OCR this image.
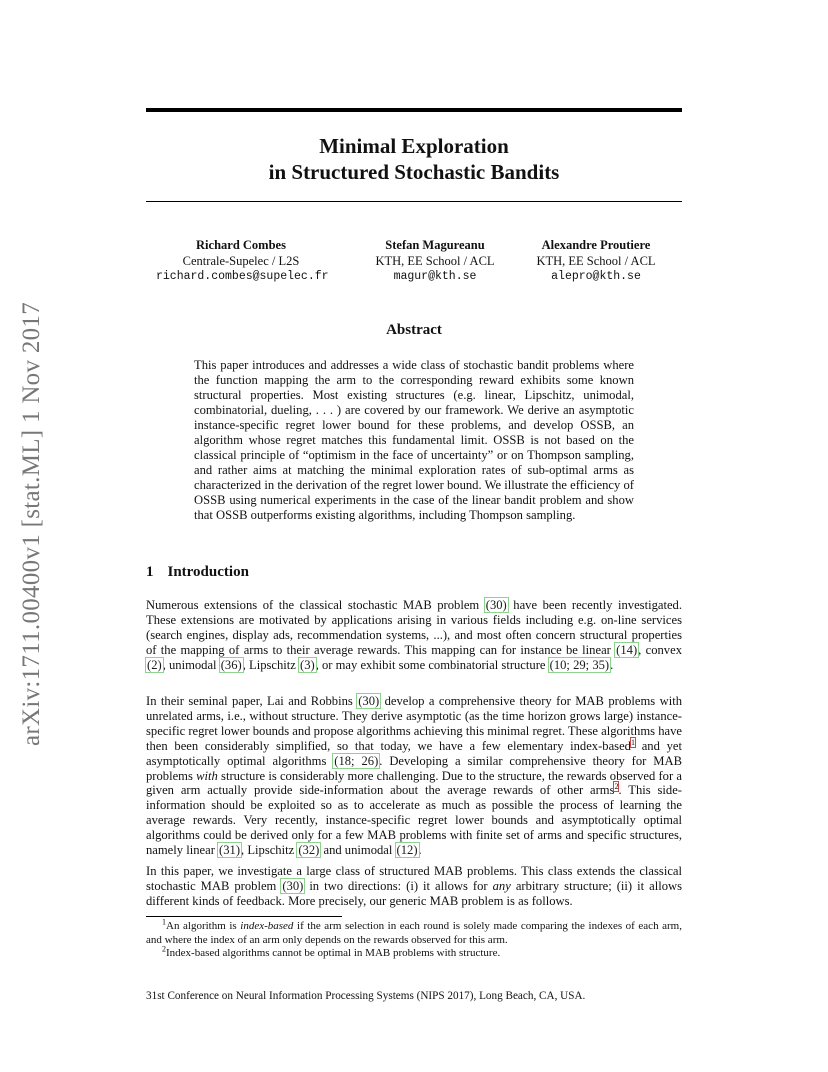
arXiv:1711.00400v1 [stat.ML] 1 Nov 2017
Minimal Exploration
in Structured Stochastic Bandits
Richard Combes
Centrale-Supelec / L2S
richard.combes@supelec.fr
Stefan Magureanu
KTH, EE School / ACL
magur@kth.se
Alexandre Proutiere
KTH, EE School / ACL
alepro@kth.se
Abstract
This paper introduces and addresses a wide class of stochastic bandit problems where the function mapping the arm to the corresponding reward exhibits some known structural properties. Most existing structures (e.g. linear, Lipschitz, unimodal, combinatorial, dueling, . . . ) are covered by our framework. We derive an asymptotic instance-specific regret lower bound for these problems, and develop OSSB, an algorithm whose regret matches this fundamental limit. OSSB is not based on the classical principle of “optimism in the face of uncertainty” or on Thompson sampling, and rather aims at matching the minimal exploration rates of sub-optimal arms as characterized in the derivation of the regret lower bound. We illustrate the efficiency of OSSB using numerical experiments in the case of the linear bandit problem and show that OSSB outperforms existing algorithms, including Thompson sampling.
1 Introduction

Numerous extensions of the classical stochastic MAB problem (30) have been recently investigated. These extensions are motivated by applications arising in various fields including e.g. on-line services (search engines, display ads, recommendation systems, ...), and most often concern structural properties of the mapping of arms to their average rewards. This mapping can for instance be linear (14), convex (2), unimodal (36), Lipschitz (3), or may exhibit some combinatorial structure (10; 29; 35).

In their seminal paper, Lai and Robbins (30) develop a comprehensive theory for MAB problems with unrelated arms, i.e., without structure. They derive asymptotic (as the time horizon grows large) instance-specific regret lower bounds and propose algorithms achieving this minimal regret. These algorithms have then been considerably simplified, so that today, we have a few elementary index-based$^1$ and yet asymptotically optimal algorithms (18; 26). Developing a similar comprehensive theory for MAB problems with structure is considerably more challenging. Due to the structure, the rewards observed for a given arm actually provide side-information about the average rewards of other arms$^2$. This side-information should be exploited so as to accelerate as much as possible the process of learning the average rewards. Very recently, instance-specific regret lower bounds and asymptotically optimal algorithms could be derived only for a few MAB problems with finite set of arms and specific structures, namely linear (31), Lipschitz (32) and unimodal (12).

In this paper, we investigate a large class of structured MAB problems. This class extends the classical stochastic MAB problem (30) in two directions: (i) it allows for any arbitrary structure; (ii) it allows different kinds of feedback. More precisely, our generic MAB problem is as follows.

$^1$An algorithm is index-based if the arm selection in each round is solely made comparing the indexes of each arm, and where the index of an arm only depends on the rewards observed for this arm.

$^2$Index-based algorithms cannot be optimal in MAB problems with structure.

31st Conference on Neural Information Processing Systems (NIPS 2017), Long Beach, CA, USA.
